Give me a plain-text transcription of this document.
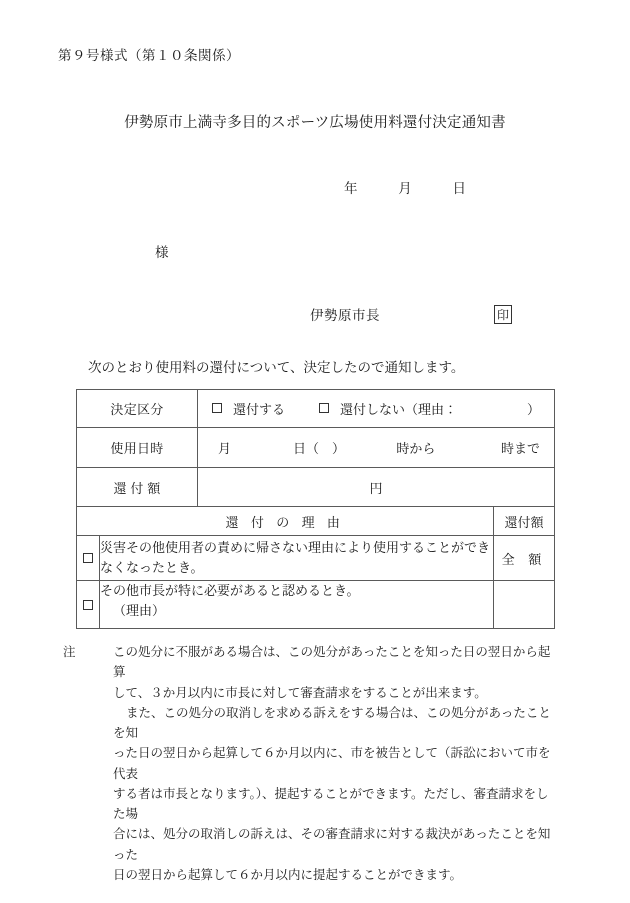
第９号様式（第１０条関係）
伊勢原市上満寺多目的スポーツ広場使用料還付決定通知書
年	月	日
様
伊勢原市長	印
次のとおり使用料の還付について、決定したので通知します。
決定区分		還付する 還付しない（理由： ）	

使用日時		月 日（　） 時から 時まで	

還 付 額		円	
還 付 の 理 由			還付額

	災害その他使用者の責めに帰さない理由により使用することができ
なくなったとき。		全 額

	その他市長が特に必要があると認めるとき。
（理由）		

注	この処分に不服がある場合は、この処分があったことを知った日の翌日から起算

して、３か月以内に市長に対して審査請求をすることが出来ます。

また、この処分の取消しを求める訴えをする場合は、この処分があったことを知

った日の翌日から起算して６か月以内に、市を被告として（訴訟において市を代表

する者は市長となります。）、提起することができます。ただし、審査請求をした場

合には、処分の取消しの訴えは、その審査請求に対する裁決があったことを知った

日の翌日から起算して６か月以内に提起することができます。
